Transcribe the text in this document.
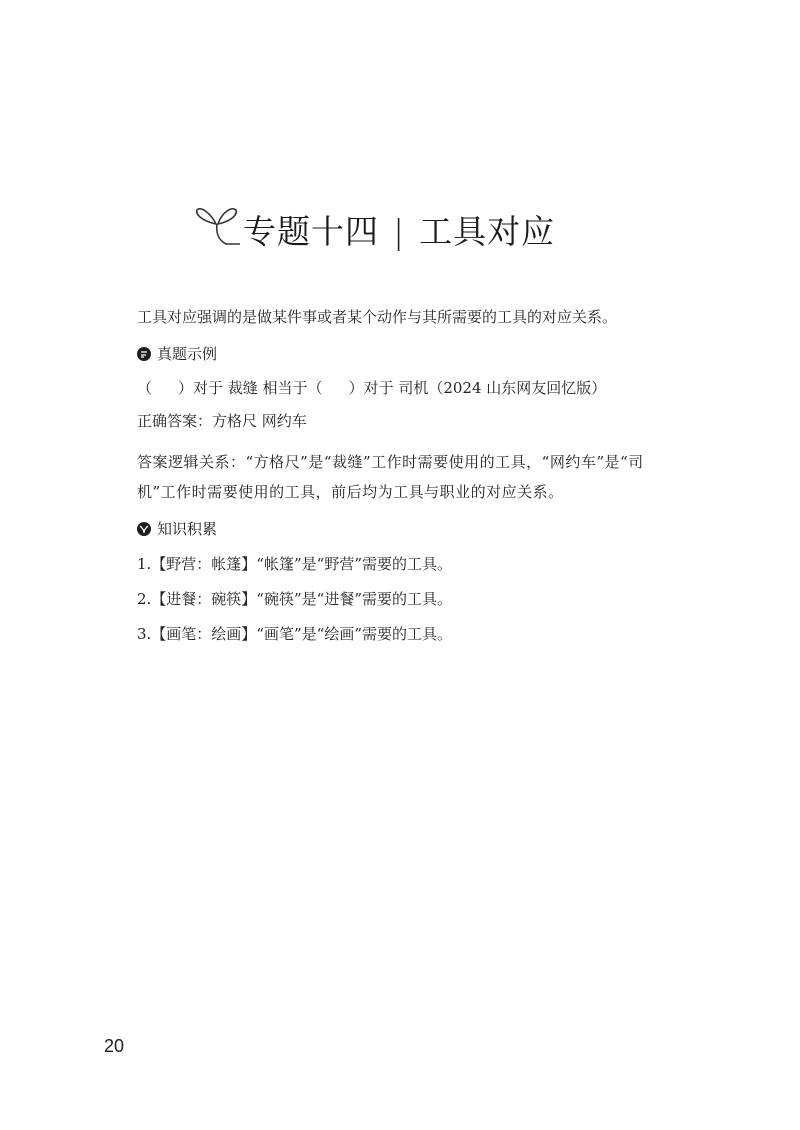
专题十四 | 工具对应
工具对应强调的是做某件事或者某个动作与其所需要的工具的对应关系。
真题示例
（ ）对于 裁缝 相当于（ ）对于 司机（2024 山东网友回忆版）
正确答案：方格尺 网约车
答案逻辑关系：“方格尺”是“裁缝”工作时需要使用的工具，“网约车”是“司机”工作时需要使用的工具，前后均为工具与职业的对应关系。
知识积累
1.【野营：帐篷】“帐篷”是“野营”需要的工具。
2.【进餐：碗筷】“碗筷”是“进餐”需要的工具。
3.【画笔：绘画】“画笔”是“绘画”需要的工具。
20
